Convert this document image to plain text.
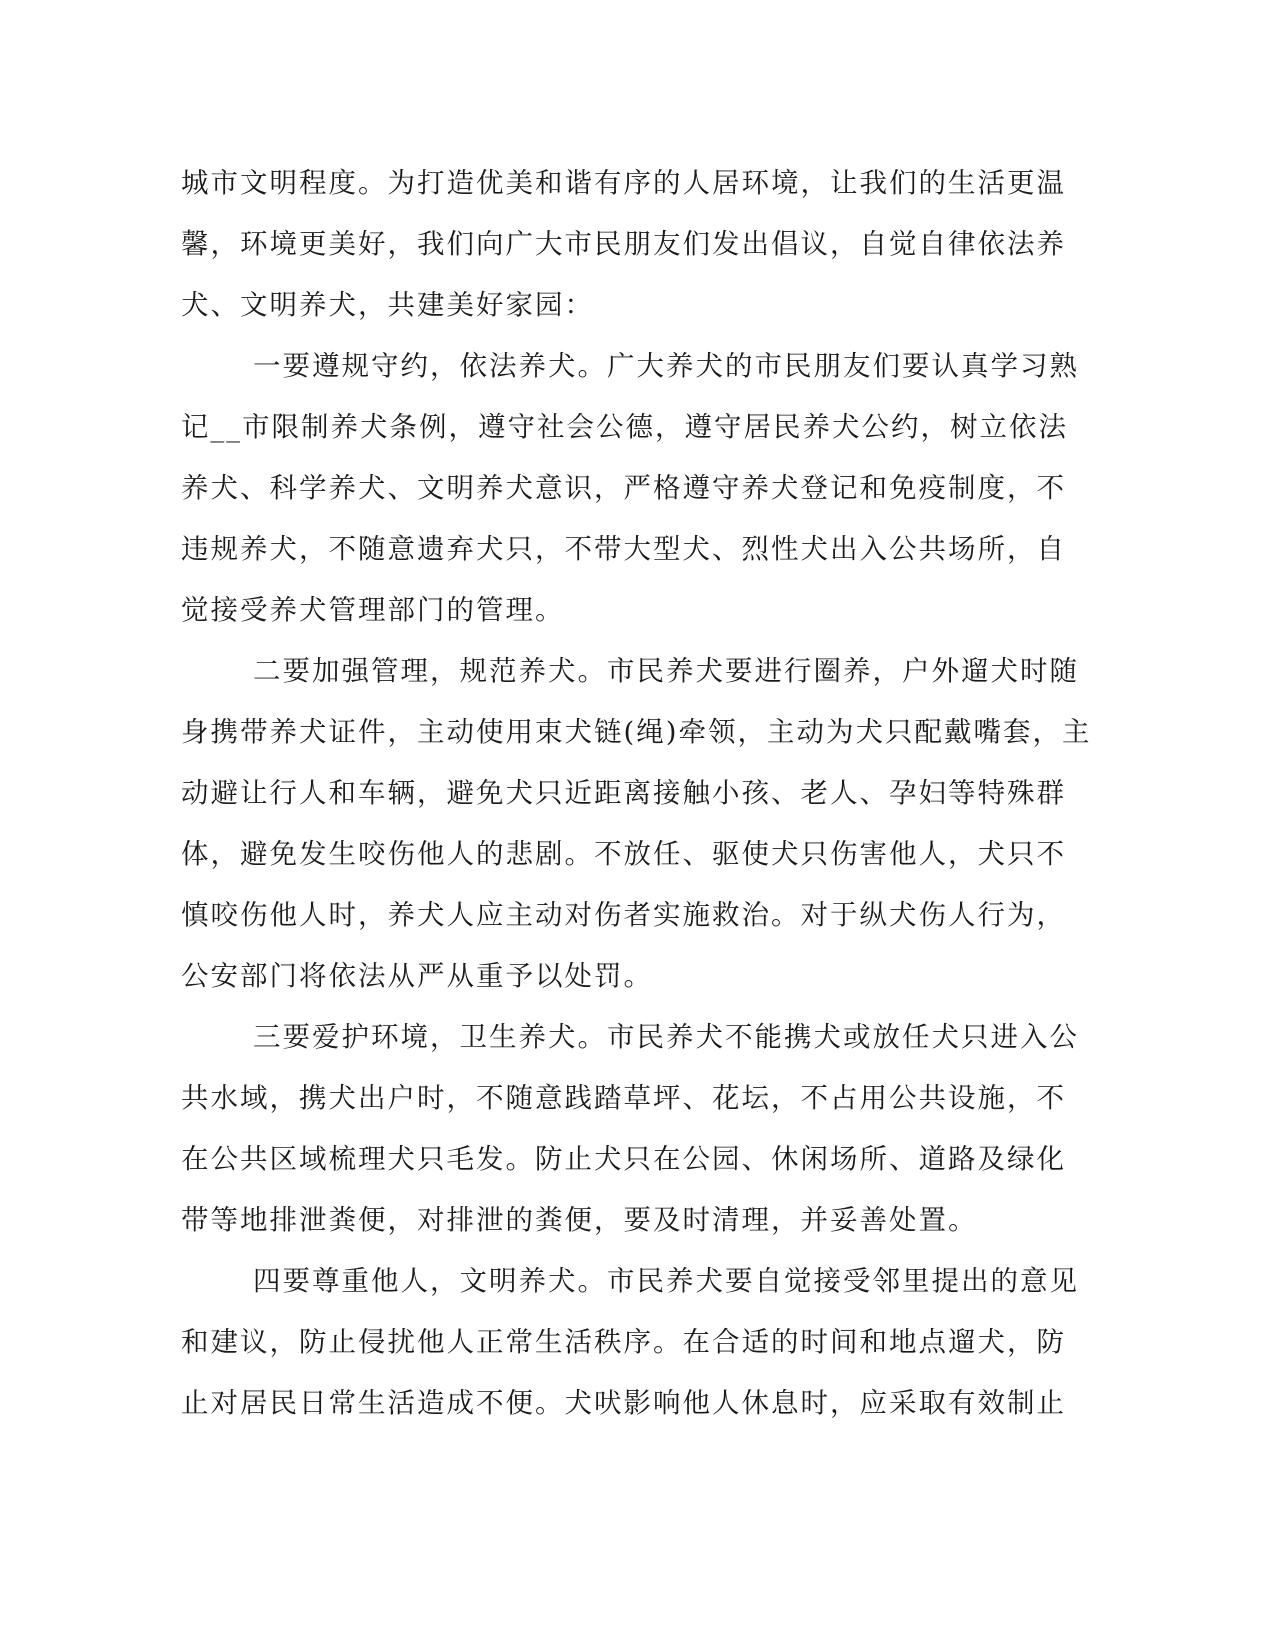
城市文明程度。为打造优美和谐有序的人居环境，让我们的生活更温
馨，环境更美好，我们向广大市民朋友们发出倡议，自觉自律依法养
犬、文明养犬，共建美好家园：
一要遵规守约，依法养犬。广大养犬的市民朋友们要认真学习熟
记__市限制养犬条例，遵守社会公德，遵守居民养犬公约，树立依法
养犬、科学养犬、文明养犬意识，严格遵守养犬登记和免疫制度，不
违规养犬，不随意遗弃犬只，不带大型犬、烈性犬出入公共场所，自
觉接受养犬管理部门的管理。
二要加强管理，规范养犬。市民养犬要进行圈养，户外遛犬时随
身携带养犬证件，主动使用束犬链(绳)牵领，主动为犬只配戴嘴套，主
动避让行人和车辆，避免犬只近距离接触小孩、老人、孕妇等特殊群
体，避免发生咬伤他人的悲剧。不放任、驱使犬只伤害他人，犬只不
慎咬伤他人时，养犬人应主动对伤者实施救治。对于纵犬伤人行为，
公安部门将依法从严从重予以处罚。
三要爱护环境，卫生养犬。市民养犬不能携犬或放任犬只进入公
共水域，携犬出户时，不随意践踏草坪、花坛，不占用公共设施，不
在公共区域梳理犬只毛发。防止犬只在公园、休闲场所、道路及绿化
带等地排泄粪便，对排泄的粪便，要及时清理，并妥善处置。
四要尊重他人，文明养犬。市民养犬要自觉接受邻里提出的意见
和建议，防止侵扰他人正常生活秩序。在合适的时间和地点遛犬，防
止对居民日常生活造成不便。犬吠影响他人休息时，应采取有效制止
